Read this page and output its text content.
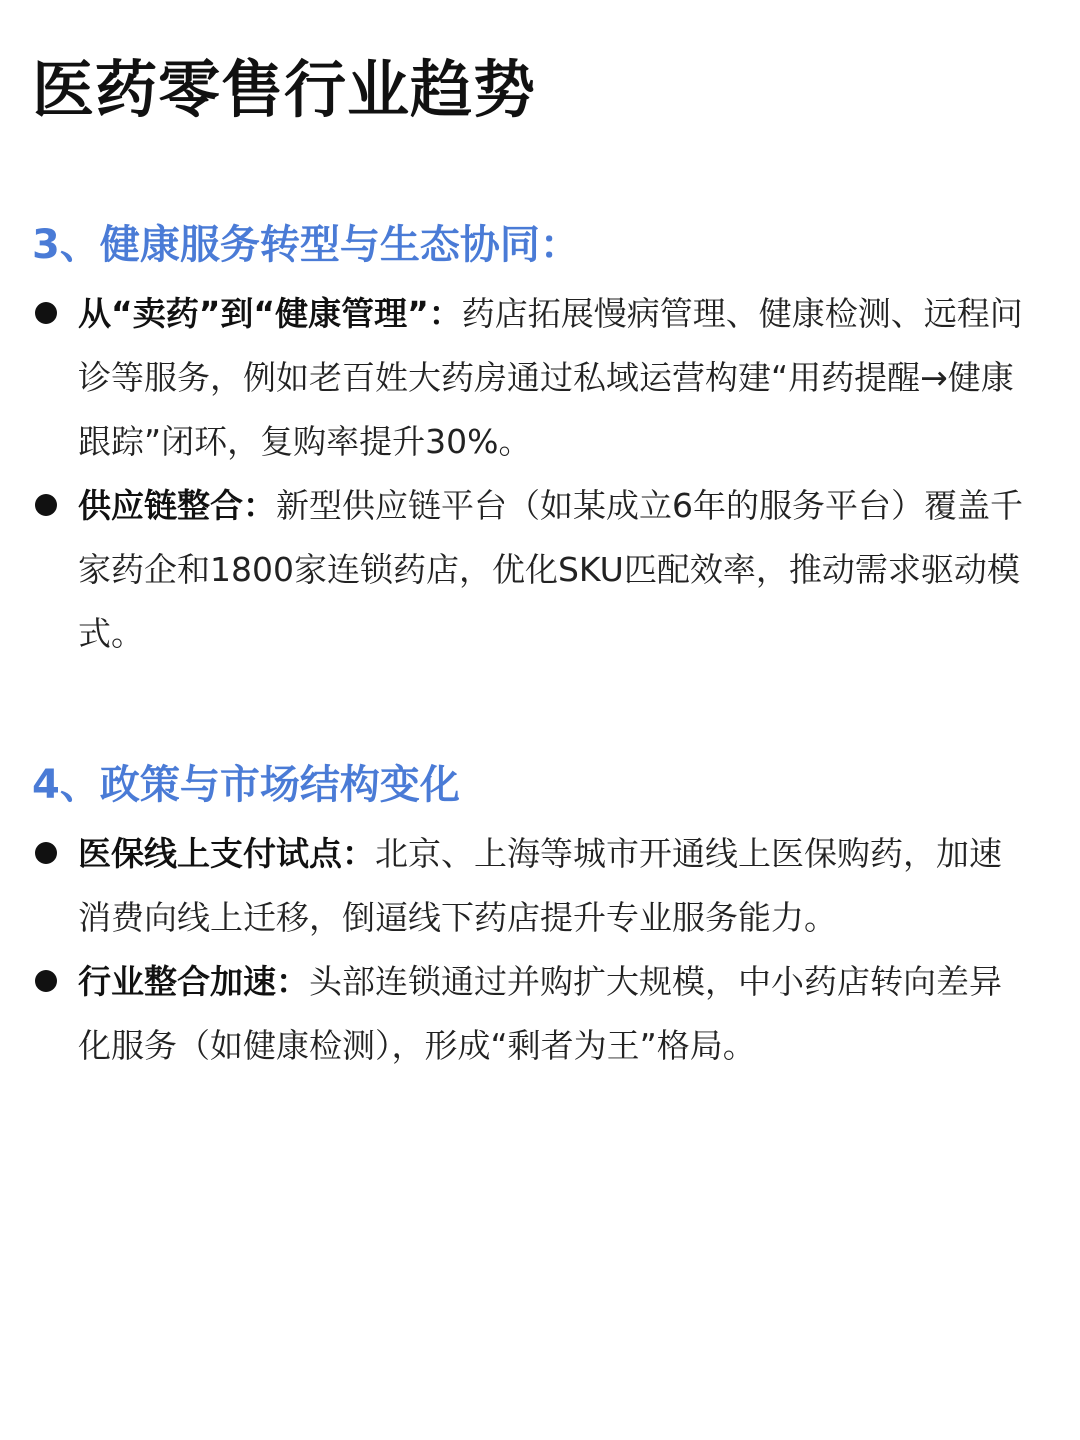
医药零售行业趋势
3、健康服务转型与生态协同：
从“卖药”到“健康管理”：药店拓展慢病管理、健康检测、远程问诊等服务，例如老百姓大药房通过私域运营构建“用药提醒→健康跟踪”闭环，复购率提升30%。
供应链整合：新型供应链平台（如某成立6年的服务平台）覆盖千家药企和1800家连锁药店，优化SKU匹配效率，推动需求驱动模式。
4、政策与市场结构变化
医保线上支付试点：北京、上海等城市开通线上医保购药，加速消费向线上迁移，倒逼线下药店提升专业服务能力。
行业整合加速：头部连锁通过并购扩大规模，中小药店转向差异化服务（如健康检测），形成“剩者为王”格局。
